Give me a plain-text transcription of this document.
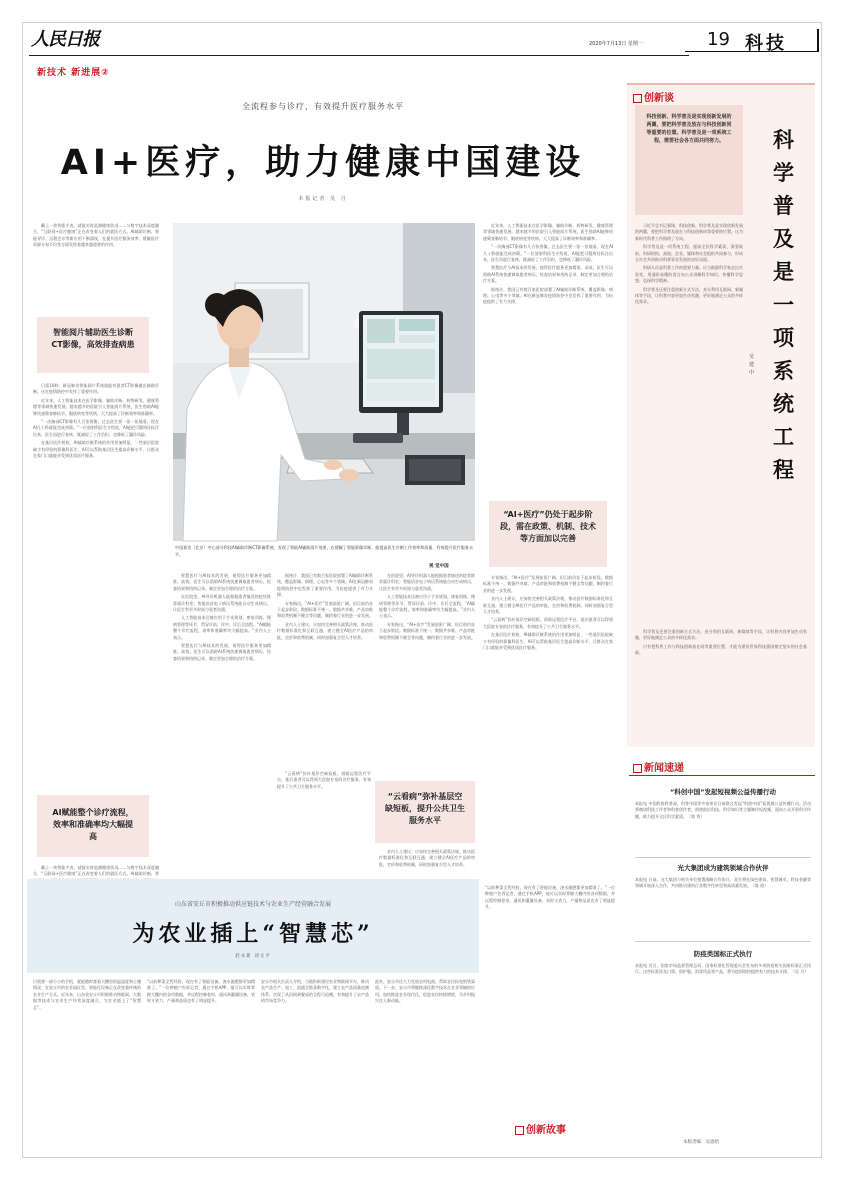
人民日报	2020年7月13日 星期一	19 科技
新技术 新进展②
全流程参与诊疗，有效提升医疗服务水平
AI+医疗，助力健康中国建设
本报记者 吴 月

戴上一块智能手表，就能实时监测健康状况……与数字技术深度融合，“互联网+医疗健康”正在改变着人们的就医方式。AI辅助诊断、智能导诊、远程会诊等新应用不断涌现，在提升医疗服务效率、缓解医疗资源分布不均等方面发挥着越来越重要的作用。

智能阅片辅助医生诊断CT影像，高效排查病患

只需10秒，新冠肺炎智能阅片系统就能对患者CT影像做出辅助诊断，这在疫情防控中发挥了重要作用。

近年来，人工智能技术在医学影像、辅助诊断、药物研发、健康管理等领域快速发展。越来越多的医院引入智能阅片系统，医生借助AI能够快速筛查肺结节、眼底病变等疾病，大大提高了诊断效率和准确率。

“一次胸部CT影像有几百张图像，过去医生要一张一张地看，现在AI几十秒就能完成初筛。”一位放射科医生介绍说，AI能把可疑病灶标注出来，医生再进行复核，既减轻了工作负担，也降低了漏诊风险。

在基层医疗机构，AI辅助诊断系统的作用更加明显。一些基层医院缺少有经验的影像科医生，AI可以帮助基层医生提高诊断水平，让群众在家门口就能享受到优质医疗服务。

AI赋能整个诊疗流程，效率和准确率均大幅提高

戴上一块智能手表，就能实时监测健康状况……与数字技术深度融合，“互联网+医疗健康”正在改变着人们的就医方式。AI辅助诊断、智

中国嘉宾（北京）中心部分科技AI辅助诊断CT影像系统，发现了智能AI辅助阅片效果，在缓解了智能影像诊断，能提高医生诊断工作效率和质量，有效提升医疗服务水平。
视 觉中国

智慧医疗与AI技术的发展，使得医疗服务更加精准、高效。医生可以借助AI系统快速调取患者病历、检查结果和用药记录，制定更加合理的治疗方案。

在医院里，AI导诊机器人能根据患者描述的症状推荐就诊科室；智能语音电子病历系统能自动生成病历，让医生有更多时间与患者沟通。

人工智能技术还被应用于手术规划、康复训练、慢病管理等环节，贯穿诊前、诊中、诊后全流程。“AI赋能整个诊疗流程，效率和准确率均大幅提高。”业内人士表示。

智慧医疗与AI技术的发展，使得医疗服务更加精准、高效。医生可以借助AI系统快速调取患者病历、检查结果和用药记录，制定更加合理的治疗方案。

据统计，我国已有数百家医院部署了AI辅助诊断系统，覆盖影像、病理、心电等多个领域。AI在新冠肺炎疫情防控中也发挥了重要作用，为抗疫提供了有力支撑。

专家指出，“AI+医疗”发展前景广阔，但目前仍处于起步阶段。数据标准不统一、数据共享难、产品审批和收费机制不健全等问题，制约着行业的进一步发展。

业内人士建议，应加快完善相关政策法规，推动医疗数据标准化和互联互通，建立健全AI医疗产品的审批、定价和收费机制，同时加强复合型人才培养。

“云看病”弥补基层空缺短板，提升公共卫生服务水平

“云看病”弥补基层空缺短板。借助远程医疗平台，基层患者可以得到大医院专家的诊疗服务，有效提升了公共卫生服务水平。

在医院里，AI导诊机器人能根据患者描述的症状推荐就诊科室；智能语音电子病历系统能自动生成病历，让医生有更多时间与患者沟通。

人工智能技术还被应用于手术规划、康复训练、慢病管理等环节，贯穿诊前、诊中、诊后全流程。“AI赋能整个诊疗流程，效率和准确率均大幅提高。”业内人士表示。

专家指出，“AI+医疗”发展前景广阔，但目前仍处于起步阶段。数据标准不统一、数据共享难、产品审批和收费机制不健全等问题，制约着行业的进一步发展。

业内人士建议，应加快完善相关政策法规，推动医疗数据标准化和互联互通，建立健全AI医疗产品的审批、定价和收费机制，同时加强复合型人才培养。

近年来，人工智能技术在医学影像、辅助诊断、药物研发、健康管理等领域快速发展。越来越多的医院引入智能阅片系统，医生借助AI能够快速筛查肺结节、眼底病变等疾病，大大提高了诊断效率和准确率。

“一次胸部CT影像有几百张图像，过去医生要一张一张地看，现在AI几十秒就能完成初筛。”一位放射科医生介绍说，AI能把可疑病灶标注出来，医生再进行复核，既减轻了工作负担，也降低了漏诊风险。

智慧医疗与AI技术的发展，使得医疗服务更加精准、高效。医生可以借助AI系统快速调取患者病历、检查结果和用药记录，制定更加合理的治疗方案。

据统计，我国已有数百家医院部署了AI辅助诊断系统，覆盖影像、病理、心电等多个领域。AI在新冠肺炎疫情防控中也发挥了重要作用，为抗疫提供了有力支撑。

“AI+医疗”仍处于起步阶段，需在政策、机制、技术等方面加以完善

专家指出，“AI+医疗”发展前景广阔，但目前仍处于起步阶段。数据标准不统一、数据共享难、产品审批和收费机制不健全等问题，制约着行业的进一步发展。

业内人士建议，应加快完善相关政策法规，推动医疗数据标准化和互联互通，建立健全AI医疗产品的审批、定价和收费机制，同时加强复合型人才培养。

“云看病”弥补基层空缺短板。借助远程医疗平台，基层患者可以得到大医院专家的诊疗服务，有效提升了公共卫生服务水平。

在基层医疗机构，AI辅助诊断系统的作用更加明显。一些基层医院缺少有经验的影像科医生，AI可以帮助基层医生提高诊断水平，让群众在家门口就能享受到优质医疗服务。

创新谈
科技创新、科学普及是实现创新发展的两翼，要把科学普及放在与科技创新同等重要的位置。科学普及是一项系统工程，需要社会各方面共同努力。	科学普及是一项系统工程
吴建中

习近平总书记强调，科技创新、科学普及是实现创新发展的两翼，要把科学普及放在与科技创新同等重要的位置。这为新时代科普工作指明了方向。

科学普及是一项系统工程。提高全民科学素质，需要政府、科研机构、高校、企业、媒体和社会组织共同参与，形成全社会共同推动科普事业发展的良好局面。

科研人员是科普工作的重要力量。应当鼓励科学家走出实验室，用通俗易懂的语言向公众讲解科学知识，传播科学思想，弘扬科学精神。

科学普及还要注重创新方式方法，充分利用互联网、新媒体等手段，让科普内容更加生动有趣，更好地满足公众的多样化需求。

科学普及还要注重创新方式方法，充分利用互联网、新媒体等手段，让科普内容更加生动有趣，更好地满足公众的多样化需求。

只有把科普工作与科技创新放在同等重要位置，才能为建设世界科技强国奠定坚实的社会基础。

新闻速递
“科创中国”发起短视频公益传播行动
本报电 中国科协科普部、科普中国等多家单位日前联合发起“科创中国”短视频公益传播行动。活动将邀请科技工作者和科普创作者，围绕前沿科技、科学知识等主题制作短视频，面向公众开展科学传播，助力提升全民科学素质。（郭 秀）
光大集团成为建筑领域合作伙伴
本报电 日前，光大集团与相关单位签署战略合作协议，双方将在绿色建筑、智慧城市、科技金融等领域开展深入合作，共同推动建筑行业数字化转型和高质量发展。（陈 阳）
防疫类国标正式执行
本报电 近日，国家市场监督管理总局、国家标准化管理委员会发布的多项防疫相关国家标准正式执行。这些标准涉及口罩、防护服、消毒用品等产品，将为疫情防控提供有力的技术支撑。（吴 月）
山东省安丘市积极推动供应链技术与农业生产经营融合发展
为农业插上“智慧芯”
赵永新 刘文平
只需要一部小小的手机，就能随时查看大棚里的温湿度和土壤情况；在安丘市的农业园区里，智能化设备正在改变着传统的农业生产方式。近年来，山东省安丘市积极推动物联网、大数据等技术与农业生产经营深度融合，为农业插上了“智慧芯”。
“以前种菜全凭经验，现在有了智能设备，浇水施肥都更加精准了。”一位种植户告诉记者，通过手机APP，他可以实时掌握大棚内的各项数据，并远程控制卷帘、通风和灌溉设备，省时又省力，产量和品质也有了明显提升。
安丘市相关负责人介绍，当地积极建设农业物联网平台，推动农产品生产、加工、流通全链条数字化，建立农产品质量追溯体系，实现了从田间到餐桌的全程可追溯，有效提升了农产品的市场竞争力。
此外，安丘市还大力发展农村电商，帮助农民拓宽销售渠道。下一步，安丘市将继续深化数字技术在农业领域的应用，加快推进农业现代化，促进农民持续增收，为乡村振兴注入新动能。
“以前种菜全凭经验，现在有了智能设备，浇水施肥都更加精准了。”一位种植户告诉记者，通过手机APP，他可以实时掌握大棚内的各项数据，并远程控制卷帘、通风和灌溉设备，省时又省力，产量和品质也有了明显提升。
创新故事
本版责编：吴思晗
